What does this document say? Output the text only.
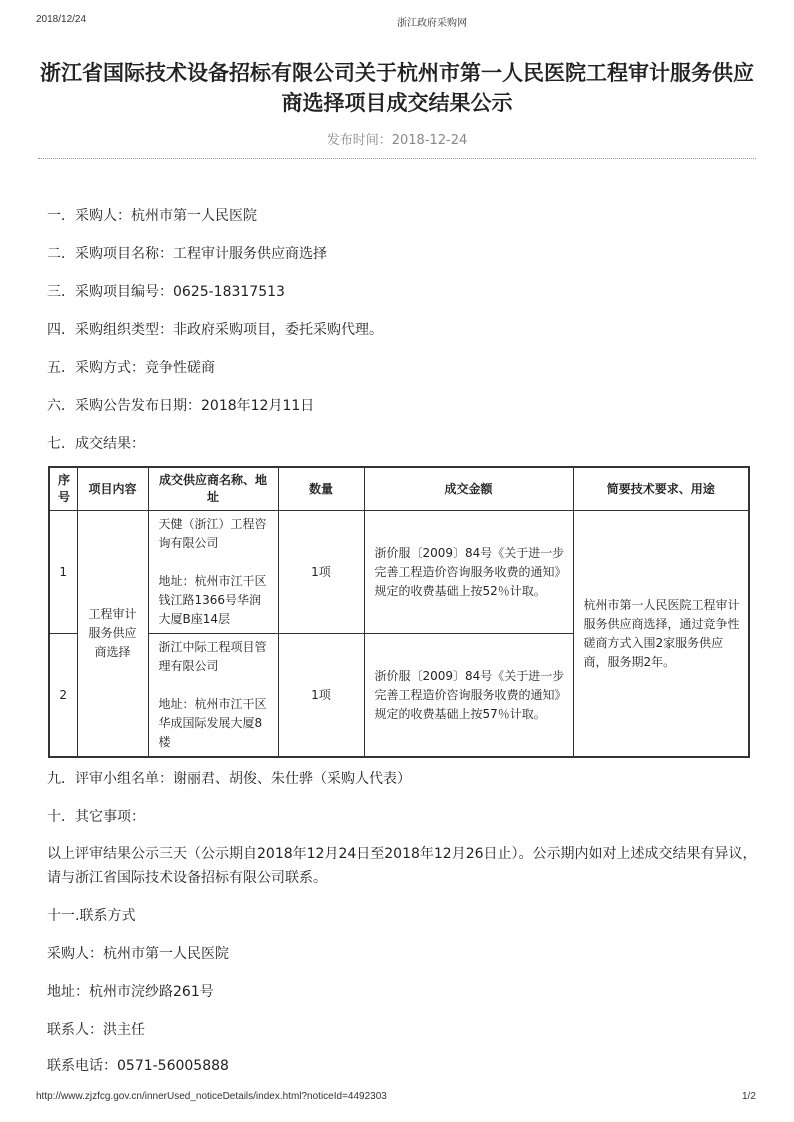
2018/12/24	浙江政府采购网
浙江省国际技术设备招标有限公司关于杭州市第一人民医院工程审计服务供应商选择项目成交结果公示
发布时间：2018-12-24
一．采购人：杭州市第一人民医院
二．采购项目名称：工程审计服务供应商选择
三．采购项目编号：0625-18317513
四．采购组织类型：非政府采购项目，委托采购代理。
五．采购方式：竞争性磋商
六．采购公告发布日期：2018年12月11日
七．成交结果：
序号	项目内容	成交供应商名称、地址	数量	成交金额	简要技术要求、用途
1	工程审计服务供应商选择	天健（浙江）工程咨询有限公司
地址：杭州市江干区钱江路1366号华润大厦B座14层	1项	浙价服〔2009〕84号《关于进一步完善工程造价咨询服务收费的通知》规定的收费基础上按52％计取。	杭州市第一人民医院工程审计服务供应商选择，通过竞争性磋商方式入围2家服务供应商，服务期2年。

2		浙江中际工程项目管理有限公司
地址：杭州市江干区华成国际发展大厦8楼	1项	浙价服〔2009〕84号《关于进一步完善工程造价咨询服务收费的通知》规定的收费基础上按57％计取。	
九．评审小组名单：谢丽君、胡俊、朱仕骅（采购人代表）
十．其它事项：
以上评审结果公示三天（公示期自2018年12月24日至2018年12月26日止）。公示期内如对上述成交结果有异议，请与浙江省国际技术设备招标有限公司联系。
十一.联系方式
采购人：杭州市第一人民医院
地址：杭州市浣纱路261号
联系人：洪主任
联系电话：0571-56005888
http://www.zjzfcg.gov.cn/innerUsed_noticeDetails/index.html?noticeId=4492303	1/2
